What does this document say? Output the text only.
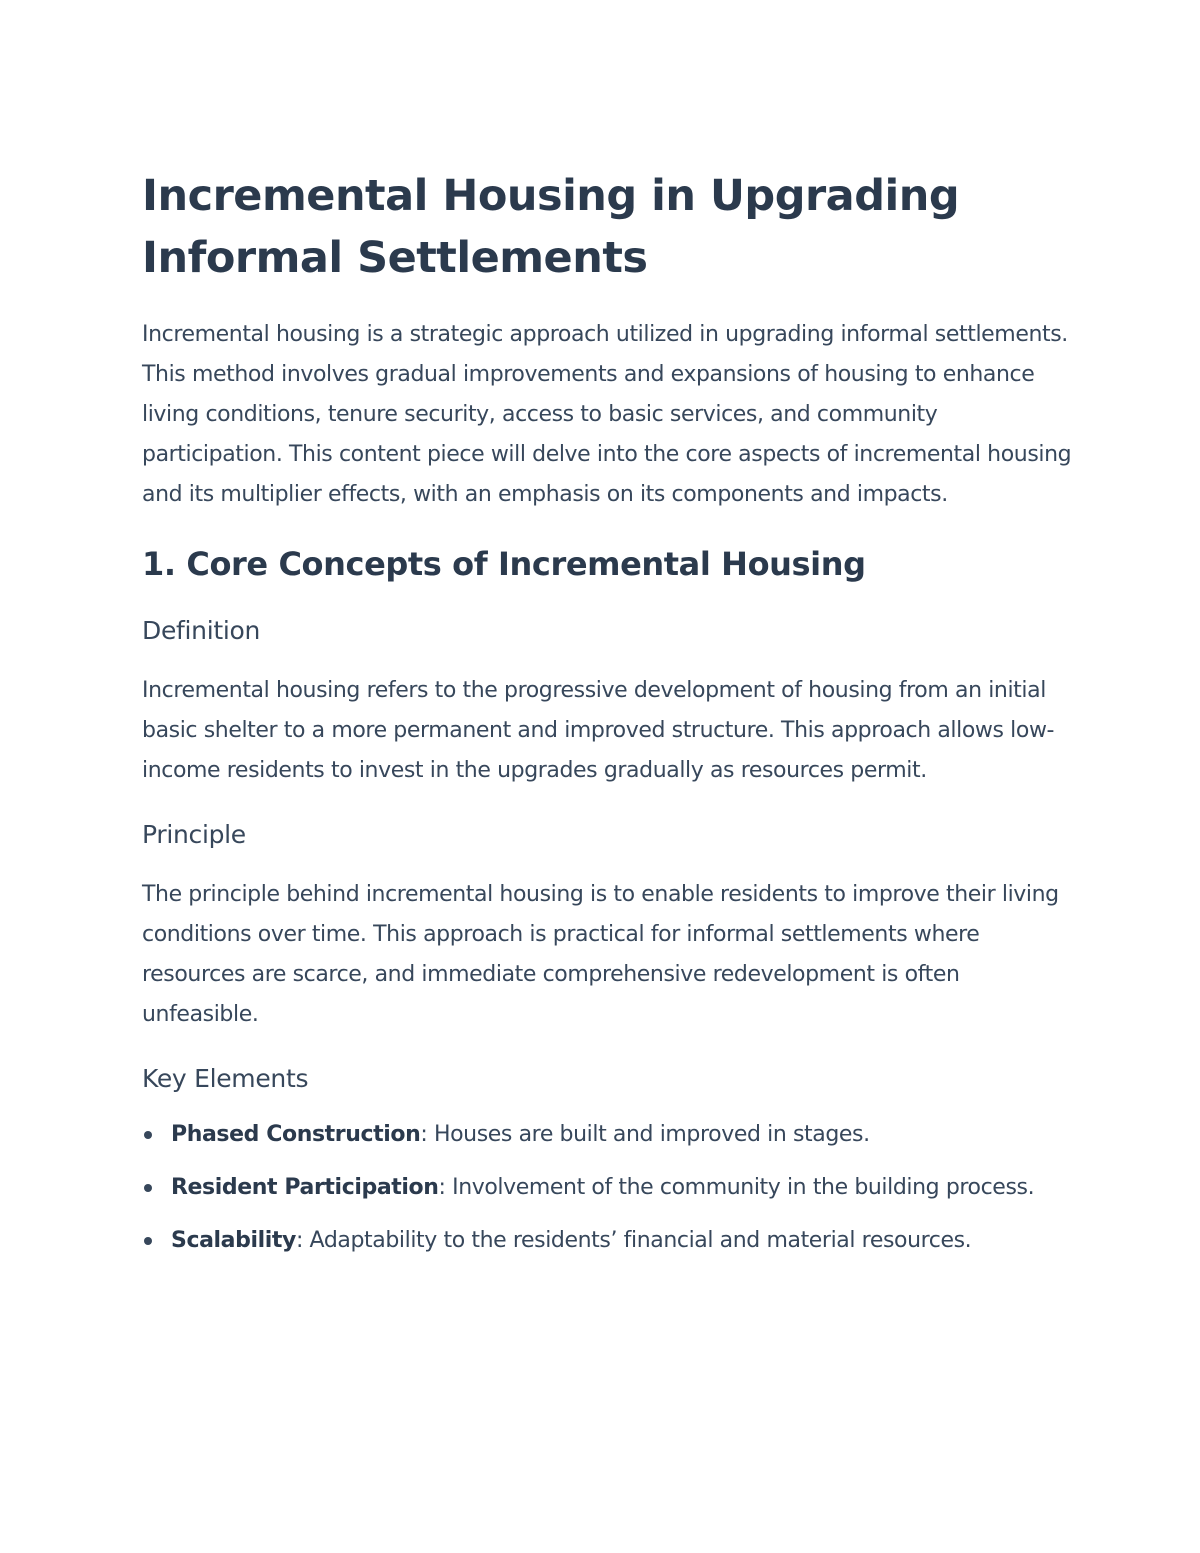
Incremental Housing in Upgrading Informal Settlements

Incremental housing is a strategic approach utilized in upgrading informal settlements. This method involves gradual improvements and expansions of housing to enhance living conditions, tenure security, access to basic services, and community participation. This content piece will delve into the core aspects of incremental housing and its multiplier effects, with an emphasis on its components and impacts.

1. Core Concepts of Incremental Housing
Definition

Incremental housing refers to the progressive development of housing from an initial basic shelter to a more permanent and improved structure. This approach allows low-income residents to invest in the upgrades gradually as resources permit.

Principle

The principle behind incremental housing is to enable residents to improve their living conditions over time. This approach is practical for informal settlements where resources are scarce, and immediate comprehensive redevelopment is often unfeasible.

Key Elements
Phased Construction: Houses are built and improved in stages.
Resident Participation: Involvement of the community in the building process.
Scalability: Adaptability to the residents’ financial and material resources.
